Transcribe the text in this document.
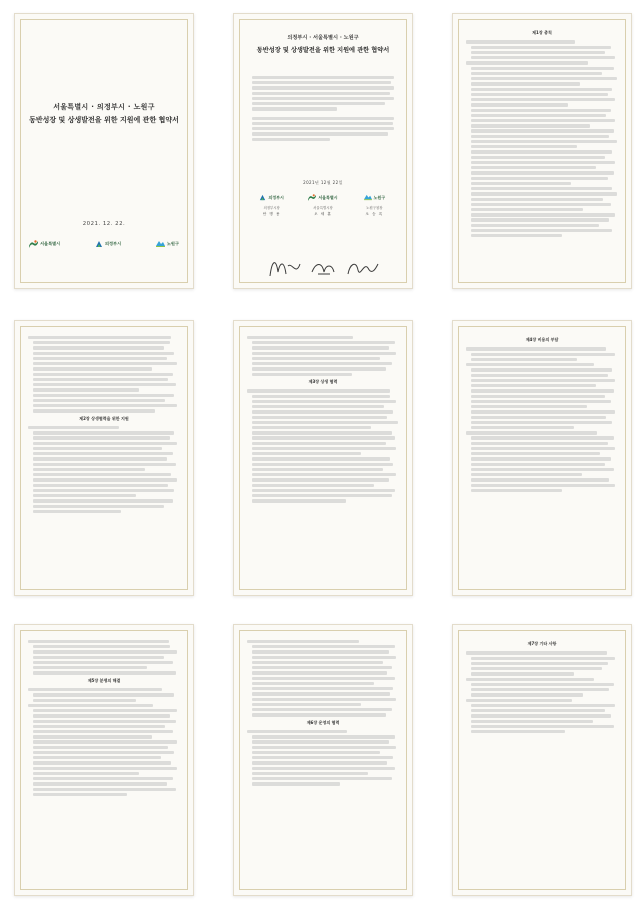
서울특별시 · 의정부시 · 노원구
동반성장 및 상생발전을 위한 지원에 관한 협약서
2021. 12. 22.
서울특별시	의정부시	노원구
의정부시 · 서울특별시 · 노원구
동반성장 및 상생발전을 위한 지원에 관한 협약서
2021년 12월 22일
의정부시
의정부시장
안 병 용
서울특별시
서울특별시장
오 세 훈
노원구
노원구청장
오 승 록
제1장 총칙
제2장 상생협력을 위한 지원
제3장 상생 협력
제4장 비용의 부담
제5장 분쟁의 해결
제6장 운영의 협력
제7장 기타 사항
